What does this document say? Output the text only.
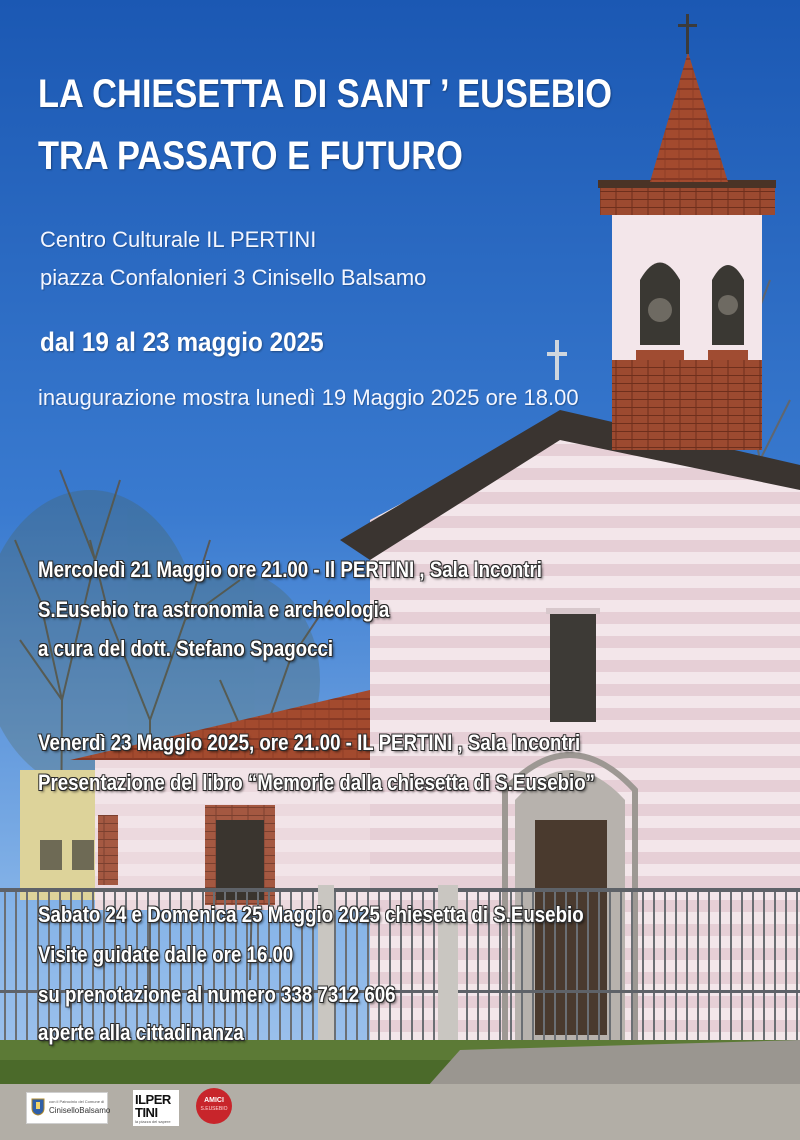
LA CHIESETTA DI SANT ’ EUSEBIO
TRA PASSATO E FUTURO
Centro Culturale IL PERTINI
piazza Confalonieri 3 Cinisello Balsamo
dal 19 al 23 maggio 2025
inaugurazione mostra lunedì 19 Maggio 2025 ore 18.00
Mercoledì 21 Maggio ore 21.00 - Il PERTINI , Sala Incontri
S.Eusebio tra astronomia e archeologia
a cura del dott. Stefano Spagocci
Venerdì 23 Maggio 2025, ore 21.00 - IL PERTINI , Sala Incontri
Presentazione del libro “Memorie dalla chiesetta di S.Eusebio”
Sabato 24 e Domenica 25 Maggio 2025 chiesetta di S.Eusebio
Visite guidate dalle ore 16.00
su prenotazione al numero 338 7312 606
aperte alla cittadinanza
con il Patrocinio del Comune di
CiniselloBalsamo
ILPER
TINI
la piazza del sapere
AMICI
S.EUSEBIO
